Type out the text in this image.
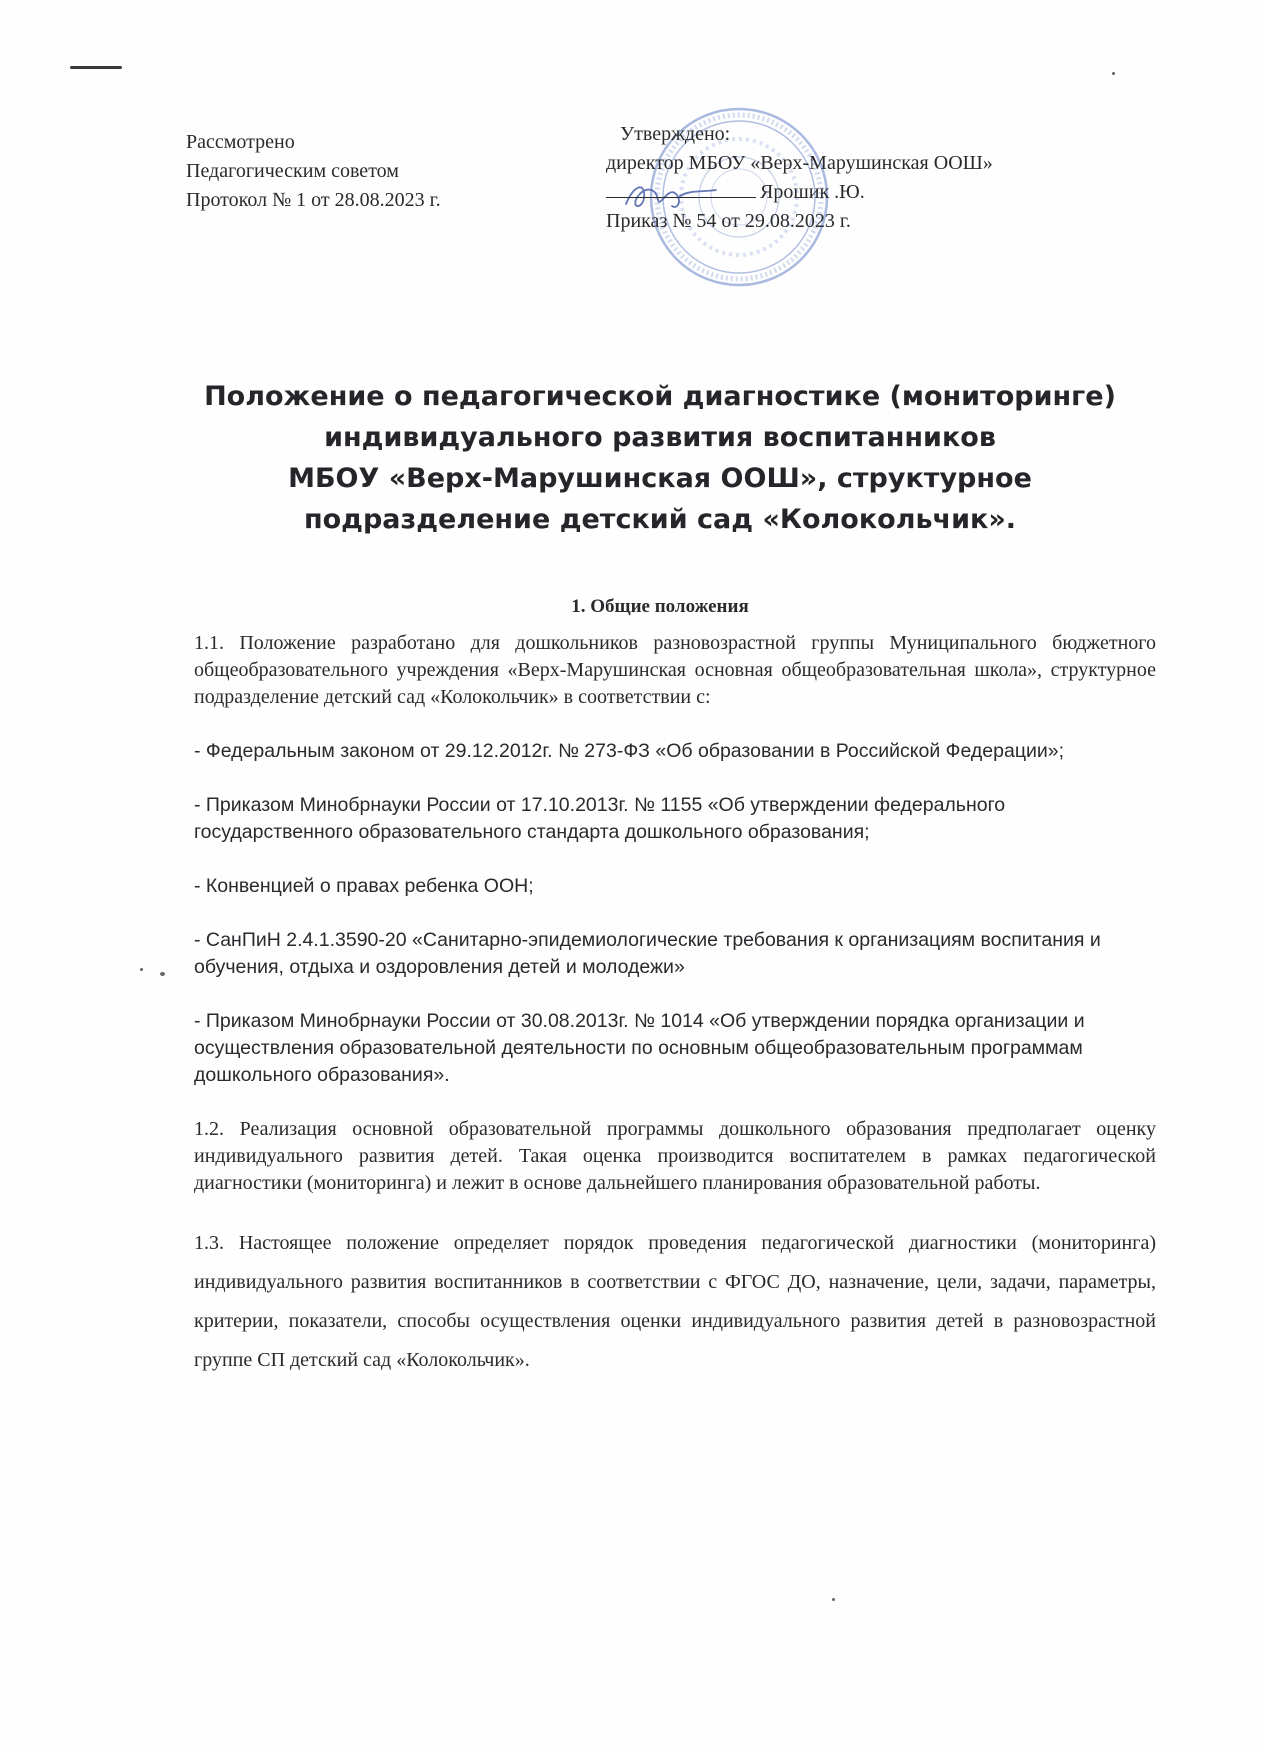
Рассмотрено
Педагогическим советом
Протокол № 1 от 28.08.2023 г.
Утверждено:
директор МБОУ «Верх-Марушинская ООШ»
Ярошик .Ю.
Приказ № 54 от 29.08.2023 г.
Положение о педагогической диагностике (мониторинге)
индивидуального развития воспитанников
МБОУ «Верх-Марушинская ООШ», структурное
подразделение детский сад «Колокольчик».
1. Общие положения

1.1. Положение разработано для дошкольников разновозрастной группы Муниципального бюджетного общеобразовательного учреждения «Верх-Марушинская основная общеобразовательная школа», структурное подразделение детский сад «Колокольчик» в соответствии с:

- Федеральным законом от 29.12.2012г. № 273-ФЗ «Об образовании в Российской Федерации»;

- Приказом Минобрнауки России от 17.10.2013г. № 1155 «Об утверждении федерального государственного образовательного стандарта дошкольного образования;

- Конвенцией о правах ребенка ООН;

- СанПиН 2.4.1.3590-20 «Санитарно-эпидемиологические требования к организациям воспитания и обучения, отдыха и оздоровления детей и молодежи»

- Приказом Минобрнауки России от 30.08.2013г. № 1014 «Об утверждении порядка организации и осуществления образовательной деятельности по основным общеобразовательным программам дошкольного образования».

1.2. Реализация основной образовательной программы дошкольного образования предполагает оценку индивидуального развития детей. Такая оценка производится воспитателем в рамках педагогической диагностики (мониторинга) и лежит в основе дальнейшего планирования образовательной работы.

1.3. Настоящее положение определяет порядок проведения педагогической диагностики (мониторинга) индивидуального развития воспитанников в соответствии с ФГОС ДО, назначение, цели, задачи, параметры, критерии, показатели, способы осуществления оценки индивидуального развития детей в разновозрастной группе СП детский сад «Колокольчик».
